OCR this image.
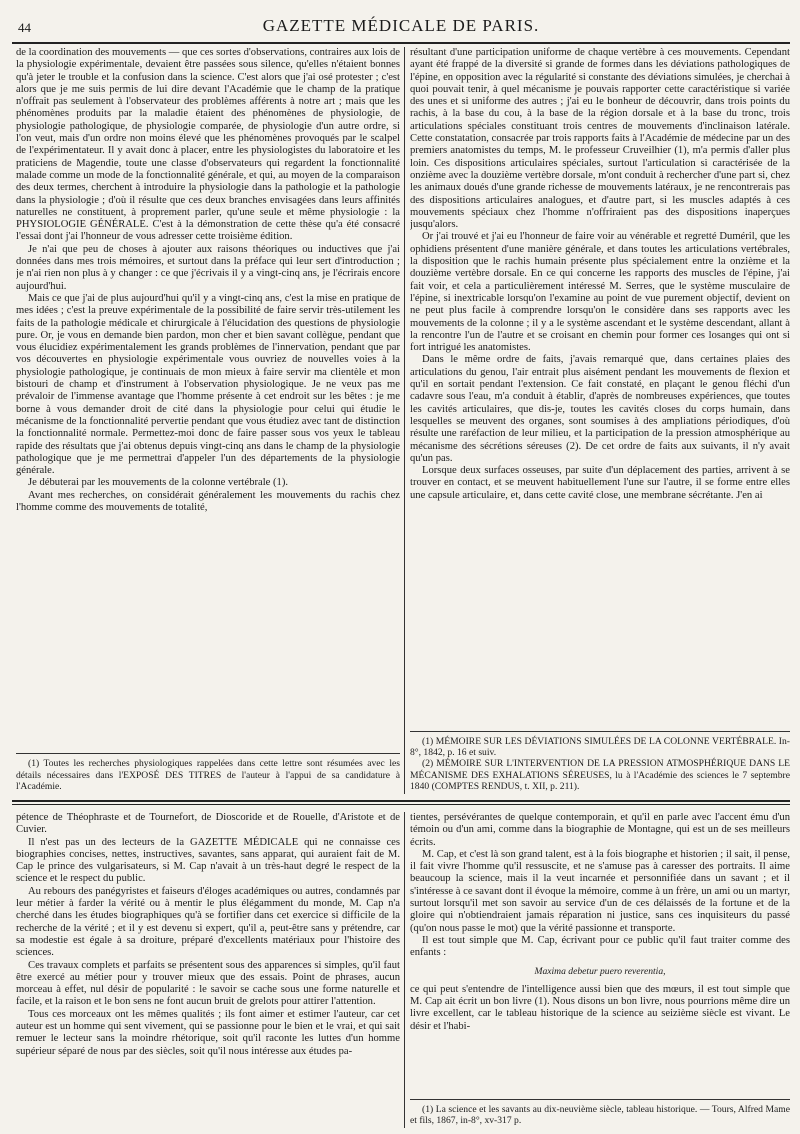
44	GAZETTE MÉDICALE DE PARIS.

de la coordination des mouvements — que ces sortes d'observations, contraires aux lois de la physiologie expérimentale, devaient être passées sous silence, qu'elles n'étaient bonnes qu'à jeter le trouble et la confusion dans la science. C'est alors que j'ai osé protester ; c'est alors que je me suis permis de lui dire devant l'Académie que le champ de la pratique n'offrait pas seulement à l'observateur des problèmes afférents à notre art ; mais que les phénomènes produits par la maladie étaient des phénomènes de physiologie, de physiologie pathologique, de physiologie comparée, de physiologie d'un autre ordre, si l'on veut, mais d'un ordre non moins élevé que les phénomènes provoqués par le scalpel de l'expérimentateur. Il y avait donc à placer, entre les physiologistes du laboratoire et les praticiens de Magendie, toute une classe d'observateurs qui regardent la fonctionnalité malade comme un mode de la fonctionnalité générale, et qui, au moyen de la comparaison des deux termes, cherchent à introduire la physiologie dans la pathologie et la pathologie dans la physiologie ; d'où il résulte que ces deux branches envisagées dans leurs affinités naturelles ne constituent, à proprement parler, qu'une seule et même physiologie : la PHYSIOLOGIE GÉNÉRALE. C'est à la démonstration de cette thèse qu'a été consacré l'essai dont j'ai l'honneur de vous adresser cette troisième édition.

Je n'ai que peu de choses à ajouter aux raisons théoriques ou inductives que j'ai données dans mes trois mémoires, et surtout dans la préface qui leur sert d'introduction ; je n'ai rien non plus à y changer : ce que j'écrivais il y a vingt-cinq ans, je l'écrirais encore aujourd'hui.

Mais ce que j'ai de plus aujourd'hui qu'il y a vingt-cinq ans, c'est la mise en pratique de mes idées ; c'est la preuve expérimentale de la possibilité de faire servir très-utilement les faits de la pathologie médicale et chirurgicale à l'élucidation des questions de physiologie pure. Or, je vous en demande bien pardon, mon cher et bien savant collègue, pendant que vous élucidiez expérimentalement les grands problèmes de l'innervation, pendant que par vos découvertes en physiologie expérimentale vous ouvriez de nouvelles voies à la physiologie pathologique, je continuais de mon mieux à faire servir ma clientèle et mon bistouri de champ et d'instrument à l'observation physiologique. Je ne veux pas me prévaloir de l'immense avantage que l'homme présente à cet endroit sur les bêtes : je me borne à vous demander droit de cité dans la physiologie pour celui qui étudie le mécanisme de la fonctionnalité pervertie pendant que vous étudiez avec tant de distinction la fonctionnalité normale. Permettez-moi donc de faire passer sous vos yeux le tableau rapide des résultats que j'ai obtenus depuis vingt-cinq ans dans le champ de la physiologie pathologique que je me permettrai d'appeler l'un des départements de la physiologie générale.

Je débuterai par les mouvements de la colonne vertébrale (1).

Avant mes recherches, on considérait généralement les mouvements du rachis chez l'homme comme des mouvements de totalité,

(1) Toutes les recherches physiologiques rappelées dans cette lettre sont résumées avec les détails nécessaires dans l'EXPOSÉ DES TITRES de l'auteur à l'appui de sa candidature à l'Académie.

résultant d'une participation uniforme de chaque vertèbre à ces mouvements. Cependant ayant été frappé de la diversité si grande de formes dans les déviations pathologiques de l'épine, en opposition avec la régularité si constante des déviations simulées, je cherchai à quoi pouvait tenir, à quel mécanisme je pouvais rapporter cette caractéristique si variée des unes et si uniforme des autres ; j'ai eu le bonheur de découvrir, dans trois points du rachis, à la base du cou, à la base de la région dorsale et à la base du tronc, trois articulations spéciales constituant trois centres de mouvements d'inclinaison latérale. Cette constatation, consacrée par trois rapports faits à l'Académie de médecine par un des premiers anatomistes du temps, M. le professeur Cruveilhier (1), m'a permis d'aller plus loin. Ces dispositions articulaires spéciales, surtout l'articulation si caractérisée de la onzième avec la douzième vertèbre dorsale, m'ont conduit à rechercher d'une part si, chez les animaux doués d'une grande richesse de mouvements latéraux, je ne rencontrerais pas des dispositions articulaires analogues, et d'autre part, si les muscles adaptés à ces mouvements spéciaux chez l'homme n'offriraient pas des dispositions inaperçues jusqu'alors.

Or j'ai trouvé et j'ai eu l'honneur de faire voir au vénérable et regretté Duméril, que les ophidiens présentent d'une manière générale, et dans toutes les articulations vertébrales, la disposition que le rachis humain présente plus spécialement entre la onzième et la douzième vertèbre dorsale. En ce qui concerne les rapports des muscles de l'épine, j'ai fait voir, et cela a particulièrement intéressé M. Serres, que le système musculaire de l'épine, si inextricable lorsqu'on l'examine au point de vue purement objectif, devient on ne peut plus facile à comprendre lorsqu'on le considère dans ses rapports avec les mouvements de la colonne ; il y a le système ascendant et le système descendant, allant à la rencontre l'un de l'autre et se croisant en chemin pour former ces losanges qui ont si fort intrigué les anatomistes.

Dans le même ordre de faits, j'avais remarqué que, dans certaines plaies des articulations du genou, l'air entrait plus aisément pendant les mouvements de flexion et qu'il en sortait pendant l'extension. Ce fait constaté, en plaçant le genou fléchi d'un cadavre sous l'eau, m'a conduit à établir, d'après de nombreuses expériences, que toutes les cavités articulaires, que dis-je, toutes les cavités closes du corps humain, dans lesquelles se meuvent des organes, sont soumises à des ampliations périodiques, d'où résulte une raréfaction de leur milieu, et la participation de la pression atmosphérique au mécanisme des sécrétions séreuses (2). De cet ordre de faits aux suivants, il n'y avait qu'un pas.

Lorsque deux surfaces osseuses, par suite d'un déplacement des parties, arrivent à se trouver en contact, et se meuvent habituellement l'une sur l'autre, il se forme entre elles une capsule articulaire, et, dans cette cavité close, une membrane sécrétante. J'en ai

(1) MÉMOIRE SUR LES DÉVIATIONS SIMULÉES DE LA COLONNE VERTÉBRALE. In-8°, 1842, p. 16 et suiv.

(2) MÉMOIRE SUR L'INTERVENTION DE LA PRESSION ATMOSPHÉRIQUE DANS LE MÉCANISME DES EXHALATIONS SÉREUSES, lu à l'Académie des sciences le 7 septembre 1840 (COMPTES RENDUS, t. XII, p. 211).

pétence de Théophraste et de Tournefort, de Dioscoride et de Rouelle, d'Aristote et de Cuvier.

Il n'est pas un des lecteurs de la GAZETTE MÉDICALE qui ne connaisse ces biographies concises, nettes, instructives, savantes, sans apparat, qui auraient fait de M. Cap le prince des vulgarisateurs, si M. Cap n'avait à un très-haut degré le respect de la science et le respect du public.

Au rebours des panégyristes et faiseurs d'éloges académiques ou autres, condamnés par leur métier à farder la vérité ou à mentir le plus élégamment du monde, M. Cap n'a cherché dans les études biographiques qu'à se fortifier dans cet exercice si difficile de la recherche de la vérité ; et il y est devenu si expert, qu'il a, peut-être sans y prétendre, car sa modestie est égale à sa droiture, préparé d'excellents matériaux pour l'histoire des sciences.

Ces travaux complets et parfaits se présentent sous des apparences si simples, qu'il faut être exercé au métier pour y trouver mieux que des essais. Point de phrases, aucun morceau à effet, nul désir de popularité : le savoir se cache sous une forme naturelle et facile, et la raison et le bon sens ne font aucun bruit de grelots pour attirer l'attention.

Tous ces morceaux ont les mêmes qualités ; ils font aimer et estimer l'auteur, car cet auteur est un homme qui sent vivement, qui se passionne pour le bien et le vrai, et qui sait remuer le lecteur sans la moindre rhétorique, soit qu'il raconte les luttes d'un homme supérieur séparé de nous par des siècles, soit qu'il nous intéresse aux études pa-

tientes, persévérantes de quelque contemporain, et qu'il en parle avec l'accent ému d'un témoin ou d'un ami, comme dans la biographie de Montagne, qui est un de ses meilleurs écrits.

M. Cap, et c'est là son grand talent, est à la fois biographe et historien ; il sait, il pense, il fait vivre l'homme qu'il ressuscite, et ne s'amuse pas à caresser des portraits. Il aime beaucoup la science, mais il la veut incarnée et personnifiée dans un savant ; et il s'intéresse à ce savant dont il évoque la mémoire, comme à un frère, un ami ou un martyr, surtout lorsqu'il met son savoir au service d'un de ces délaissés de la fortune et de la gloire qui n'obtiendraient jamais réparation ni justice, sans ces inquisiteurs du passé (qu'on nous passe le mot) que la vérité passionne et transporte.

Il est tout simple que M. Cap, écrivant pour ce public qu'il faut traiter comme des enfants :

Maxima debetur puero reverentia,

ce qui peut s'entendre de l'intelligence aussi bien que des mœurs, il est tout simple que M. Cap ait écrit un bon livre (1). Nous disons un bon livre, nous pourrions même dire un livre excellent, car le tableau historique de la science au seizième siècle est vivant. Le désir et l'habi-

(1) La science et les savants au dix-neuvième siècle, tableau historique. — Tours, Alfred Mame et fils, 1867, in-8°, xv-317 p.
